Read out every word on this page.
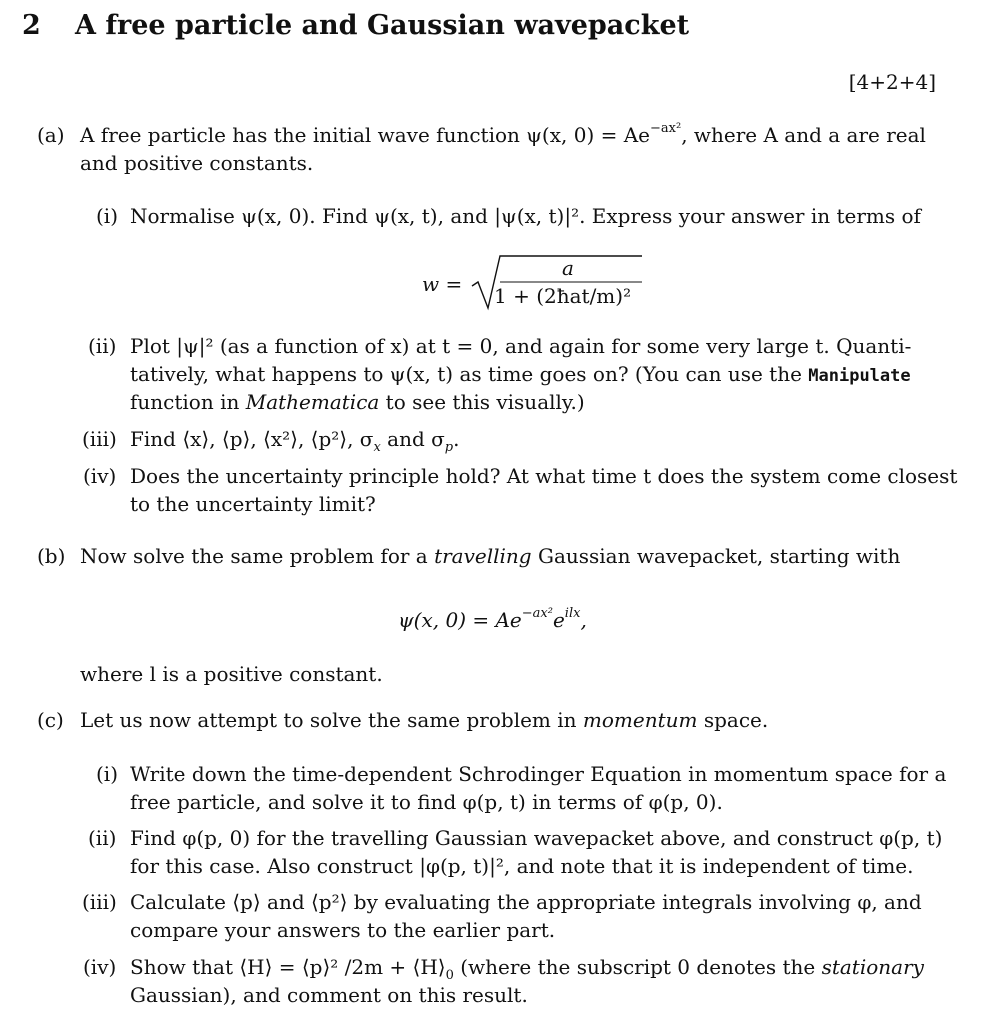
2 A free particle and Gaussian wavepacket
[4+2+4]
(a) A free particle has the initial wave function ψ(x, $0) = Ae^{-ax^2}$, where A and a are real
and positive constants.
(i) Normalise ψ(x, 0). Find ψ(x, t), and |ψ(x, t)|². Express your answer in terms of
w =
a
1 + (2ħat/m)²
(ii) Plot |ψ|² (as a function of x) at t = 0, and again for some very large t. Quanti-
tatively, what happens to ψ(x, t) as time goes on? (You can use the Manipulate
function in Mathematica to see this visually.)
(iii) Find ⟨x⟩, ⟨p⟩, ⟨x²⟩, ⟨p²⟩, $\sigma_x$ and $\sigma_p$.
(iv) Does the uncertainty principle hold? At what time t does the system come closest
to the uncertainty limit?
(b) Now solve the same problem for a travelling Gaussian wavepacket, starting with
ψ(x, $0) = Ae^{-ax^2}e^{ilx}$,
where l is a positive constant.
(c) Let us now attempt to solve the same problem in momentum space.
(i) Write down the time-dependent Schrodinger Equation in momentum space for a
free particle, and solve it to find φ(p, t) in terms of φ(p, 0).
(ii) Find φ(p, 0) for the travelling Gaussian wavepacket above, and construct φ(p, t)
for this case. Also construct |φ(p, t)|², and note that it is independent of time.
(iii) Calculate ⟨p⟩ and ⟨p²⟩ by evaluating the appropriate integrals involving φ, and
compare your answers to the earlier part.
(iv) Show that ⟨H⟩ = ⟨p⟩² $/2m + ⟨H⟩_0$ (where the subscript 0 denotes the stationary
Gaussian), and comment on this result.
